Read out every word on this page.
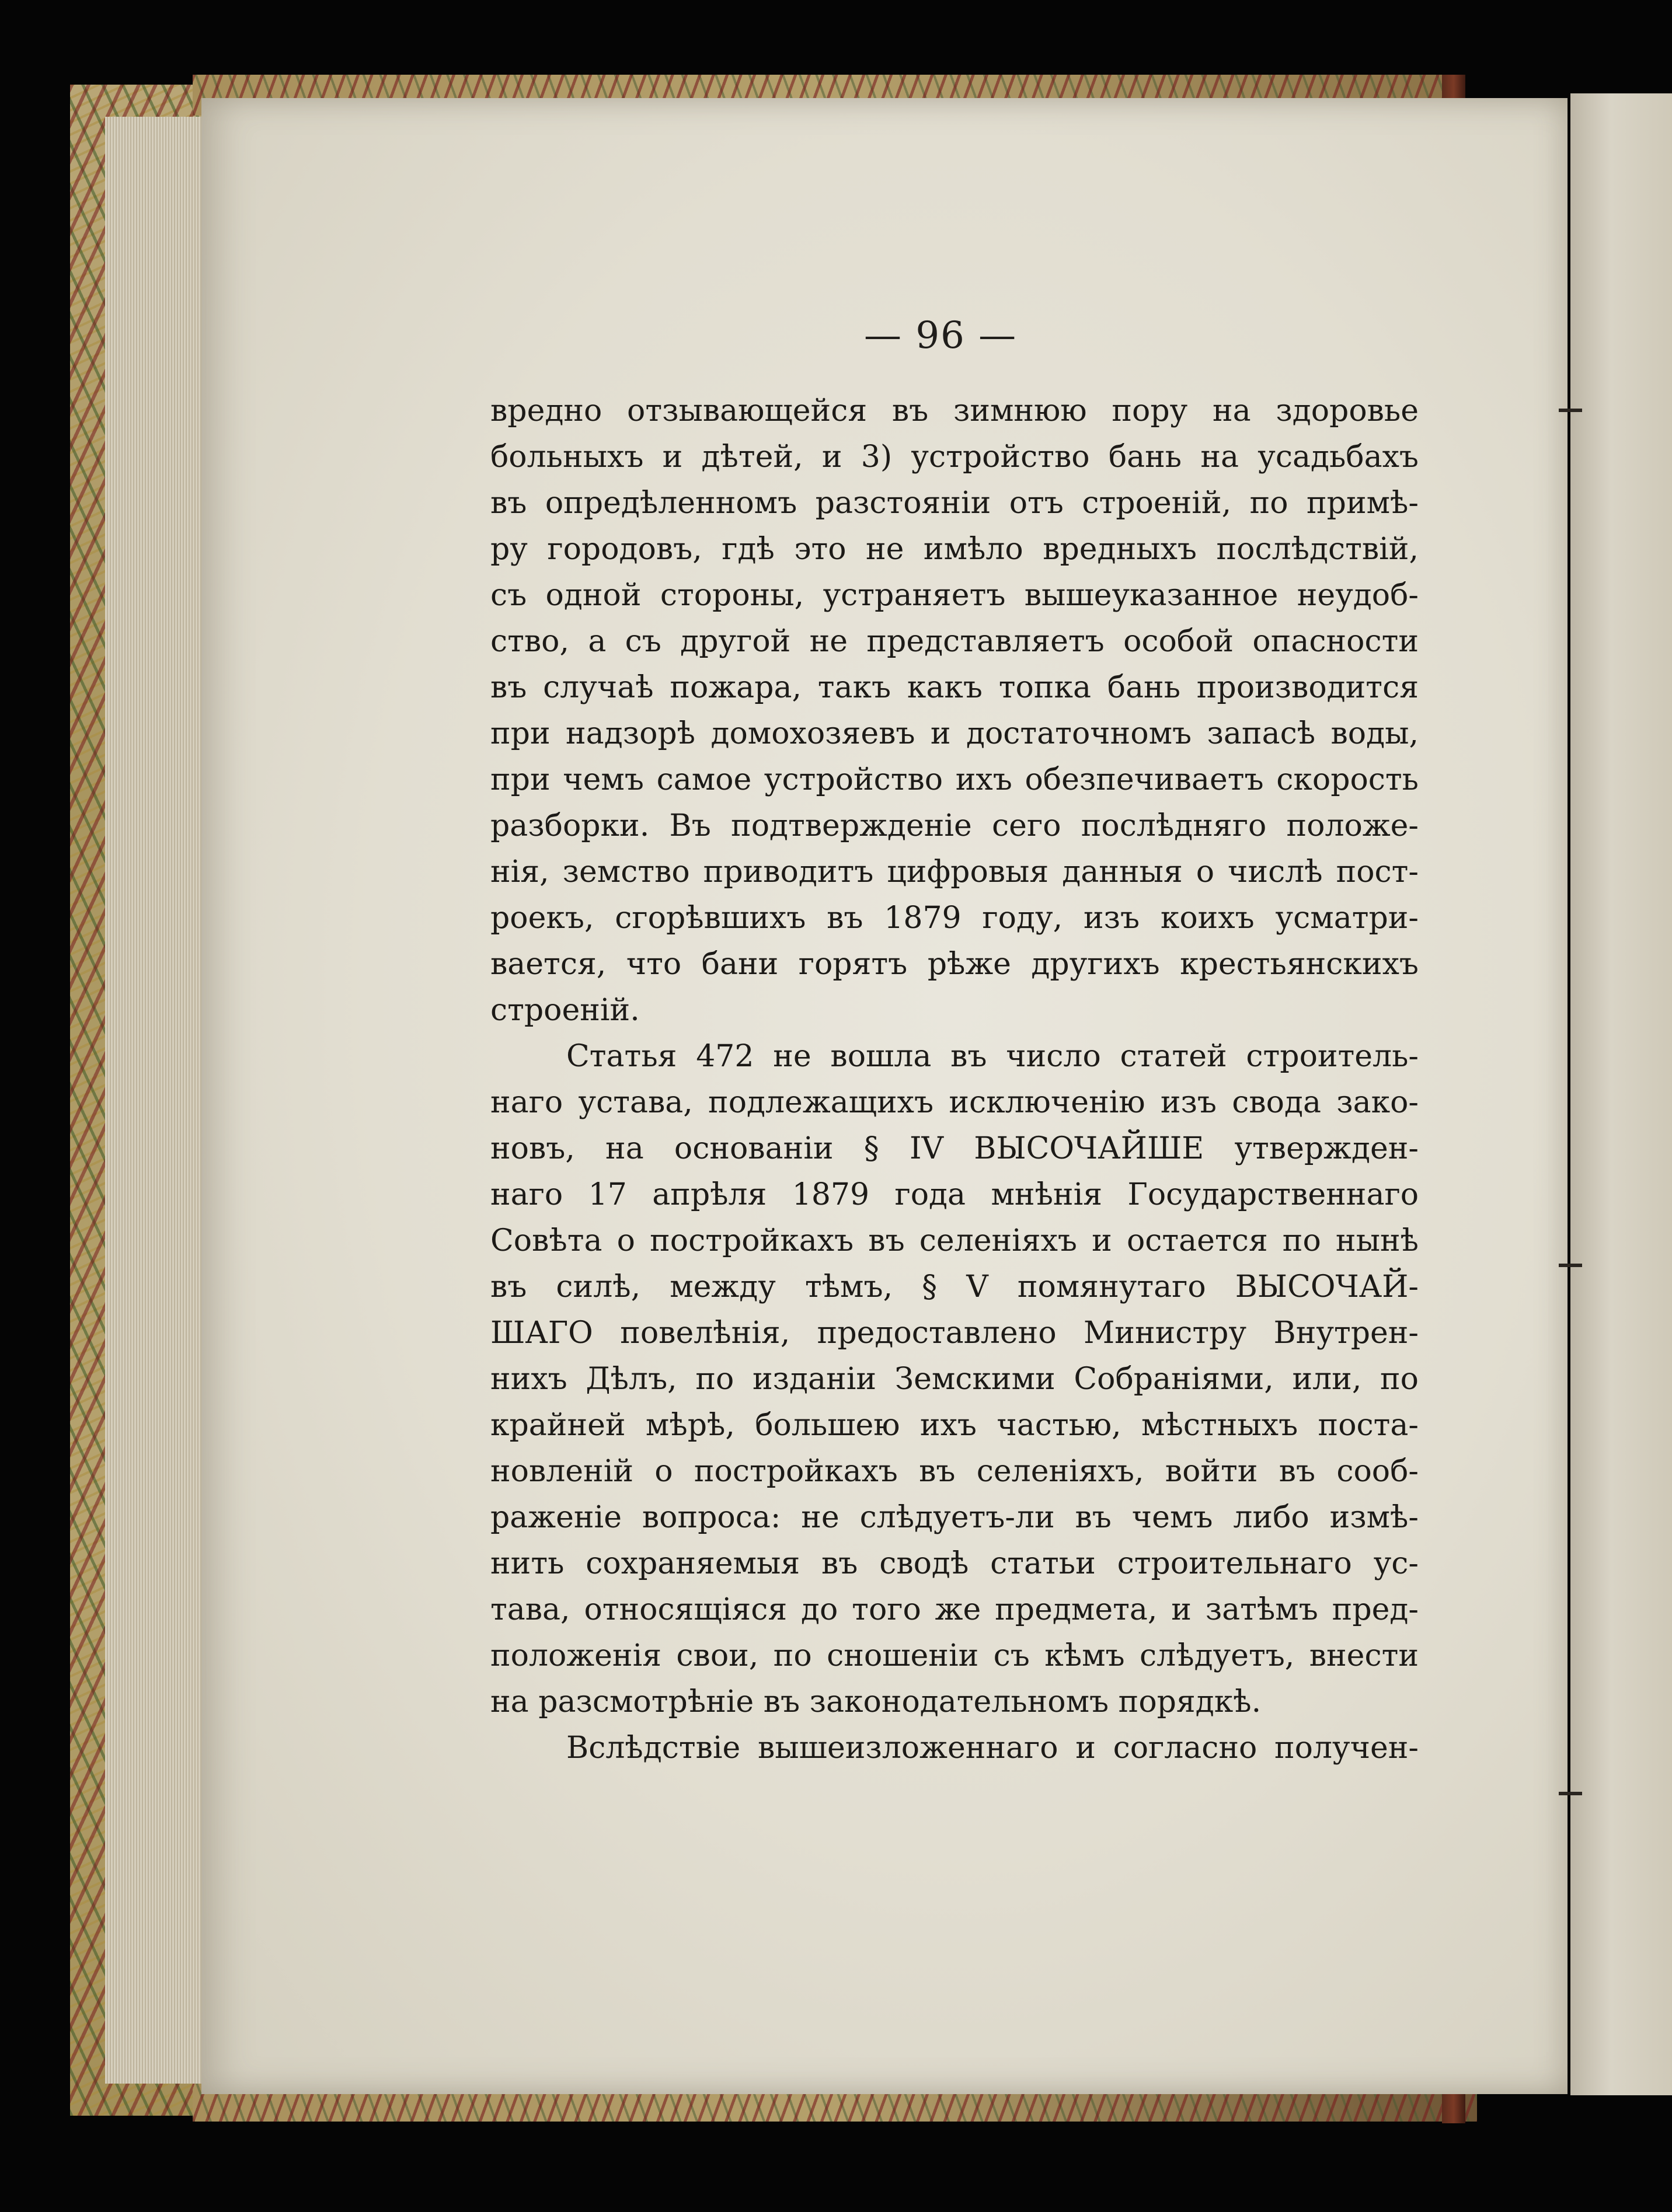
— 96 —
вредно отзывающейся въ зимнюю пору на здоровье
больныхъ и дѣтей, и 3) устройство бань на усадьбахъ
въ опредѣленномъ разстояніи отъ строеній, по примѣ-
ру городовъ, гдѣ это не имѣло вредныхъ послѣдствій,
съ одной стороны, устраняетъ вышеуказанное неудоб-
ство, а съ другой не представляетъ особой опасности
въ случаѣ пожара, такъ какъ топка бань производится
при надзорѣ домохозяевъ и достаточномъ запасѣ воды,
при чемъ самое устройство ихъ обезпечиваетъ скорость
разборки. Въ подтвержденіе сего послѣдняго положе-
нія, земство приводитъ цифровыя данныя о числѣ пост-
роекъ, сгорѣвшихъ въ 1879 году, изъ коихъ усматри-
вается, что бани горятъ рѣже другихъ крестьянскихъ
строеній.
Статья 472 не вошла въ число статей строитель-
наго устава, подлежащихъ исключенію изъ свода зако-
новъ, на основаніи § IV ВЫСОЧАЙШЕ утвержден-
наго 17 апрѣля 1879 года мнѣнія Государственнаго
Совѣта о постройкахъ въ селеніяхъ и остается по нынѣ
въ силѣ, между тѣмъ, § V помянутаго ВЫСОЧАЙ-
ШАГО повелѣнія, предоставлено Министру Внутрен-
нихъ Дѣлъ, по изданіи Земскими Собраніями, или, по
крайней мѣрѣ, большею ихъ частью, мѣстныхъ поста-
новленій о постройкахъ въ селеніяхъ, войти въ сооб-
раженіе вопроса: не слѣдуетъ-ли въ чемъ либо измѣ-
нить сохраняемыя въ сводѣ статьи строительнаго ус-
тава, относящіяся до того же предмета, и затѣмъ пред-
положенія свои, по сношеніи съ кѣмъ слѣдуетъ, внести
на разсмотрѣніе въ законодательномъ порядкѣ.
Вслѣдствіе вышеизложеннаго и согласно получен-
